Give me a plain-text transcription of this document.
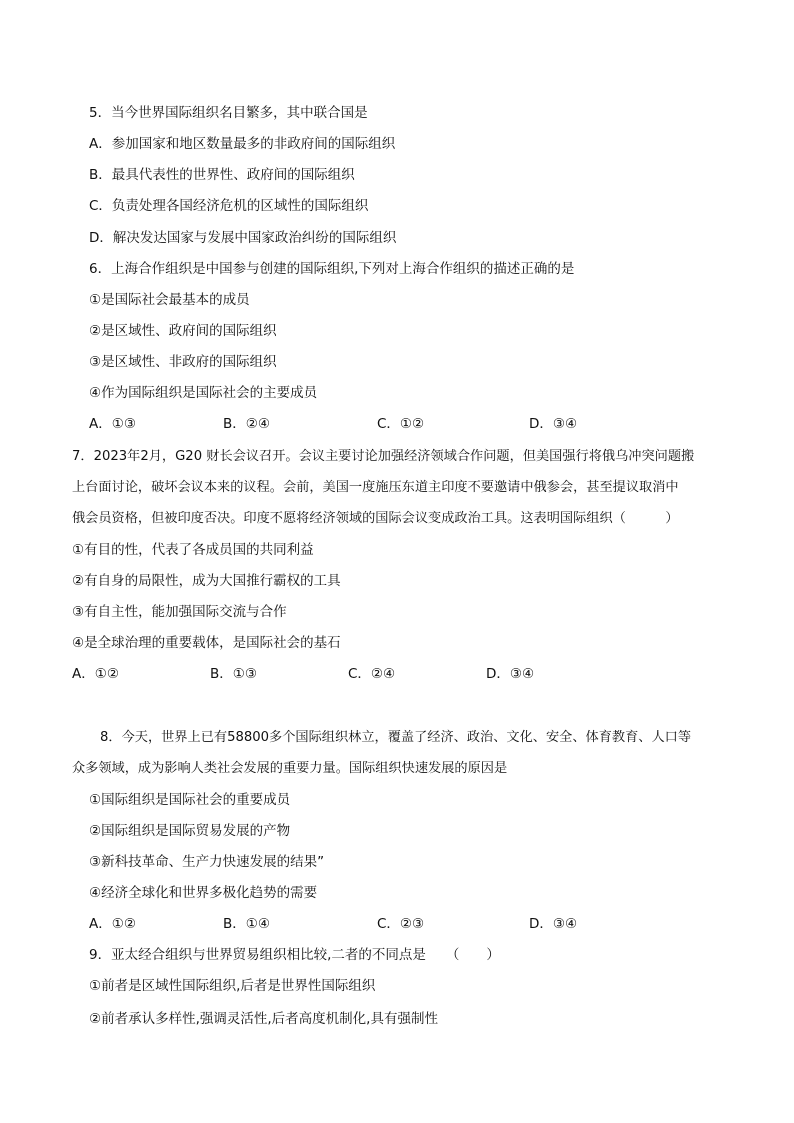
5．当今世界国际组织名目繁多，其中联合国是
A．参加国家和地区数量最多的非政府间的国际组织
B．最具代表性的世界性、政府间的国际组织
C．负责处理各国经济危机的区域性的国际组织
D．解决发达国家与发展中国家政治纠纷的国际组织
6．上海合作组织是中国参与创建的国际组织,下列对上海合作组织的描述正确的是
①是国际社会最基本的成员
②是区域性、政府间的国际组织
③是区域性、非政府的国际组织
④作为国际组织是国际社会的主要成员
A．①③	B．②④	C．①②	D．③④
7．2023年2月，G20 财长会议召开。会议主要讨论加强经济领域合作问题，但美国强行将俄乌冲突问题搬
上台面讨论，破坏会议本来的议程。会前，美国一度施压东道主印度不要邀请中俄参会，甚至提议取消中
俄会员资格，但被印度否决。印度不愿将经济领域的国际会议变成政治工具。这表明国际组织（　　　）
①有目的性，代表了各成员国的共同利益
②有自身的局限性，成为大国推行霸权的工具
③有自主性，能加强国际交流与合作
④是全球治理的重要载体，是国际社会的基石
A．①②	B．①③	C．②④	D．③④
8．今天，世界上已有58800多个国际组织林立，覆盖了经济、政治、文化、安全、体育教育、人口等
众多领域，成为影响人类社会发展的重要力量。国际组织快速发展的原因是
①国际组织是国际社会的重要成员
②国际组织是国际贸易发展的产物
③新科技革命、生产力快速发展的结果”
④经济全球化和世界多极化趋势的需要
A．①②	B．①④	C．②③	D．③④
9．亚太经合组织与世界贸易组织相比较,二者的不同点是 （　　）
①前者是区域性国际组织,后者是世界性国际组织
②前者承认多样性,强调灵活性,后者高度机制化,具有强制性
